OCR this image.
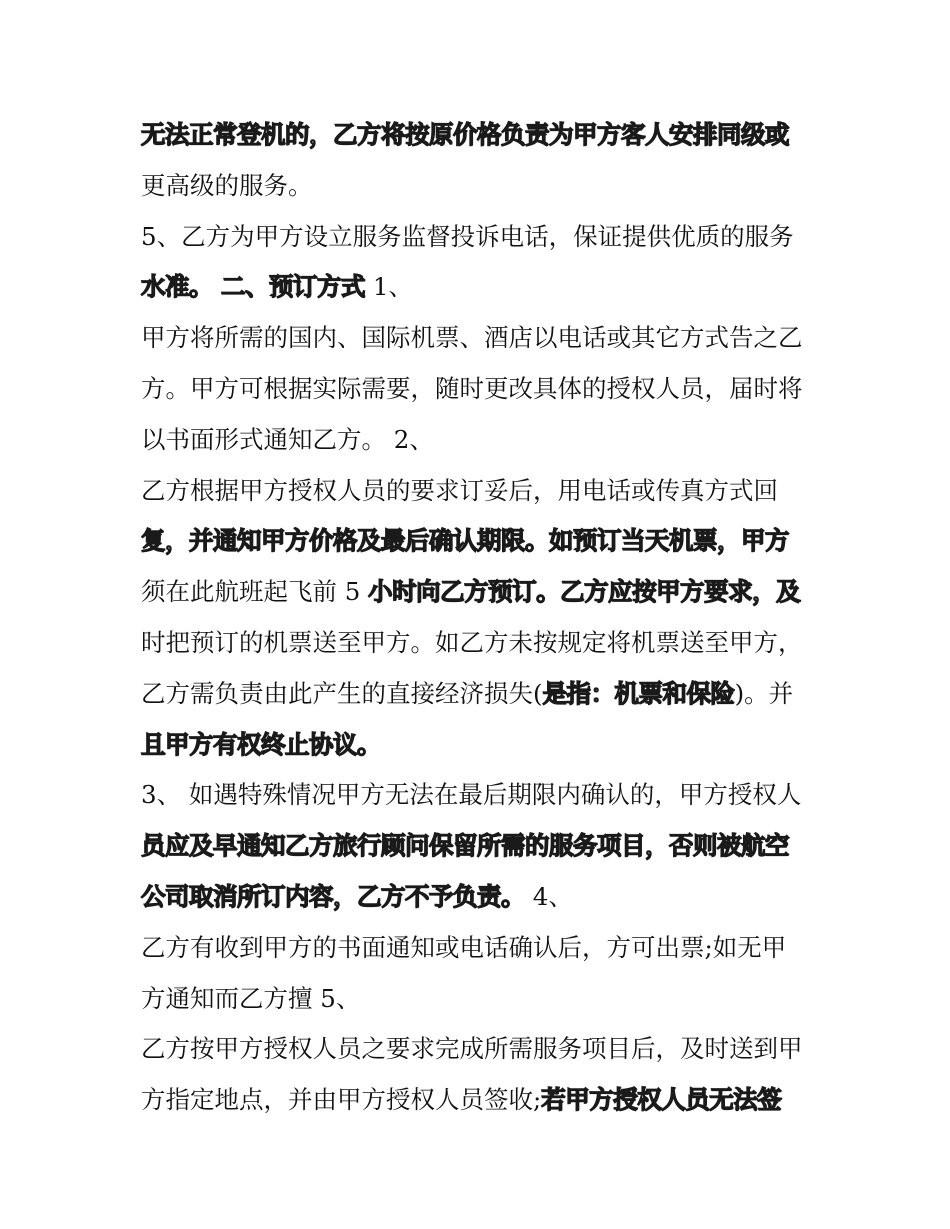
无法正常登机的，乙方将按原价格负责为甲方客人安排同级或
更高级的服务。
5、乙方为甲方设立服务监督投诉电话，保证提供优质的服务
水准。 二、预订方式 1、
甲方将所需的国内、国际机票、酒店以电话或其它方式告之乙
方。甲方可根据实际需要，随时更改具体的授权人员，届时将
以书面形式通知乙方。 2、
乙方根据甲方授权人员的要求订妥后，用电话或传真方式回
复，并通知甲方价格及最后确认期限。如预订当天机票，甲方
须在此航班起飞前 5 小时向乙方预订。乙方应按甲方要求，及
时把预订的机票送至甲方。如乙方未按规定将机票送至甲方，
乙方需负责由此产生的直接经济损失(是指：机票和保险)。并
且甲方有权终止协议。
3、 如遇特殊情况甲方无法在最后期限内确认的，甲方授权人
员应及早通知乙方旅行顾问保留所需的服务项目，否则被航空
公司取消所订内容，乙方不予负责。 4、
乙方有收到甲方的书面通知或电话确认后，方可出票;如无甲
方通知而乙方擅 5、
乙方按甲方授权人员之要求完成所需服务项目后，及时送到甲
方指定地点，并由甲方授权人员签收;若甲方授权人员无法签
